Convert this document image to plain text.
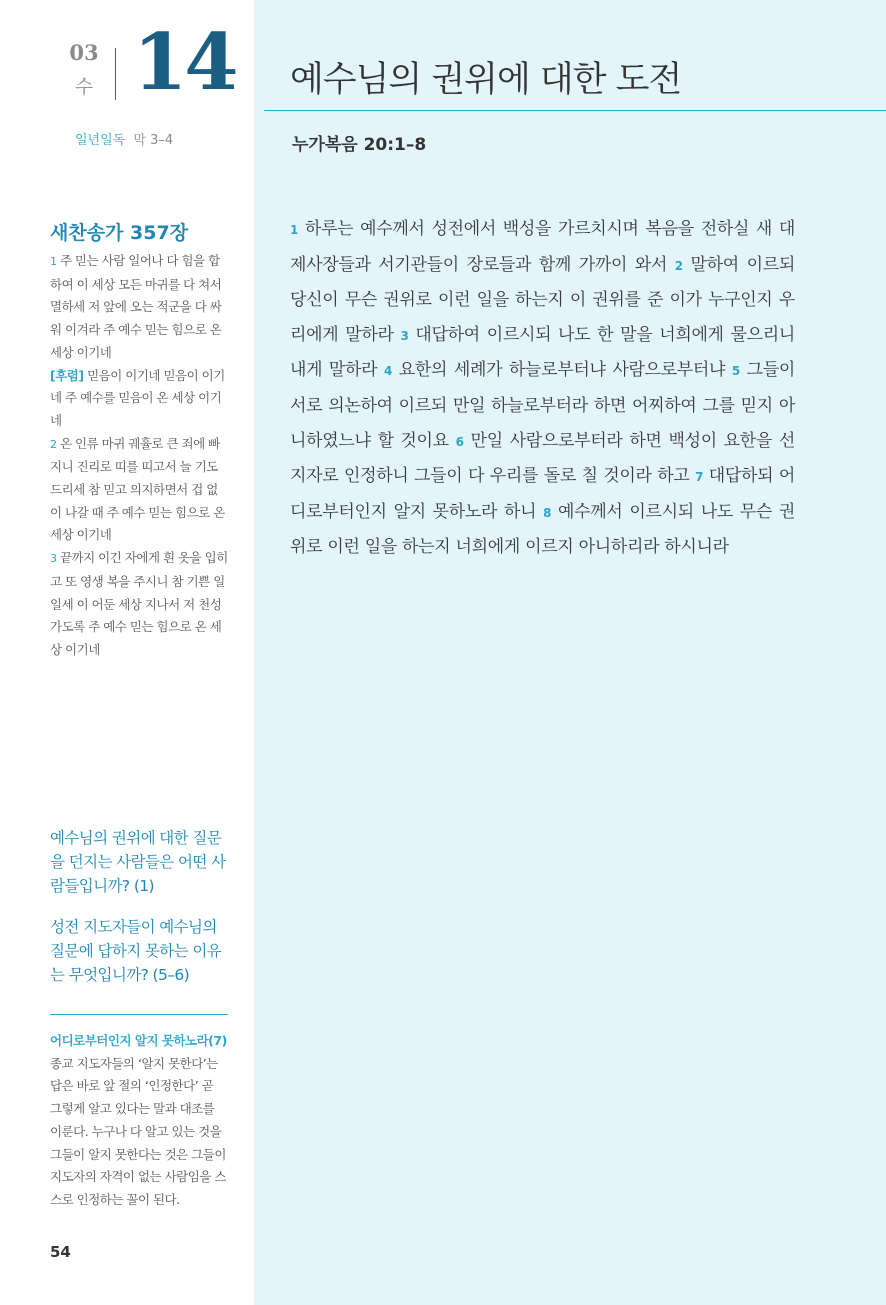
03
수 14
일년일독 막 3–4
예수님의 권위에 대한 도전
누가복음 20:1–8
1 하루는 예수께서 성전에서 백성을 가르치시며 복음을 전하실 새 대제사장들과 서기관들이 장로들과 함께 가까이 와서 2 말하여 이르되 당신이 무슨 권위로 이런 일을 하는지 이 권위를 준 이가 누구인지 우리에게 말하라 3 대답하여 이르시되 나도 한 말을 너희에게 물으리니 내게 말하라 4 요한의 세례가 하늘로부터냐 사람으로부터냐 5 그들이 서로 의논하여 이르되 만일 하늘로부터라 하면 어찌하여 그를 믿지 아니하였느냐 할 것이요 6 만일 사람으로부터라 하면 백성이 요한을 선지자로 인정하니 그들이 다 우리를 돌로 칠 것이라 하고 7 대답하되 어디로부터인지 알지 못하노라 하니 8 예수께서 이르시되 나도 무슨 권위로 이런 일을 하는지 너희에게 이르지 아니하리라 하시니라
새찬송가 357장
1 주 믿는 사람 일어나 다 힘을 합하여 이 세상 모든 마귀를 다 쳐서 멸하세 저 앞에 오는 적군을 다 싸워 이겨라 주 예수 믿는 힘으로 온 세상 이기네
[후렴] 믿음이 이기네 믿음이 이기네 주 예수를 믿음이 온 세상 이기네
2 온 인류 마귀 궤휼로 큰 죄에 빠지니 진리로 띠를 띠고서 늘 기도드리세 참 믿고 의지하면서 겁 없이 나갈 때 주 예수 믿는 힘으로 온 세상 이기네
3 끝까지 이긴 자에게 흰 옷을 입히고 또 영생 복을 주시니 참 기쁜 일일세 이 어둔 세상 지나서 저 천성 가도록 주 예수 믿는 힘으로 온 세상 이기네

예수님의 권위에 대한 질문을 던지는 사람들은 어떤 사람들입니까? (1)

성전 지도자들이 예수님의 질문에 답하지 못하는 이유는 무엇입니까? (5–6)

어디로부터인지 알지 못하노라(7) 종교 지도자들의 ‘알지 못한다’는 답은 바로 앞 절의 ‘인정한다’ 곧 그렇게 알고 있다는 말과 대조를 이룬다. 누구나 다 알고 있는 것을 그들이 알지 못한다는 것은 그들이 지도자의 자격이 없는 사람임을 스스로 인정하는 꼴이 된다.
54
